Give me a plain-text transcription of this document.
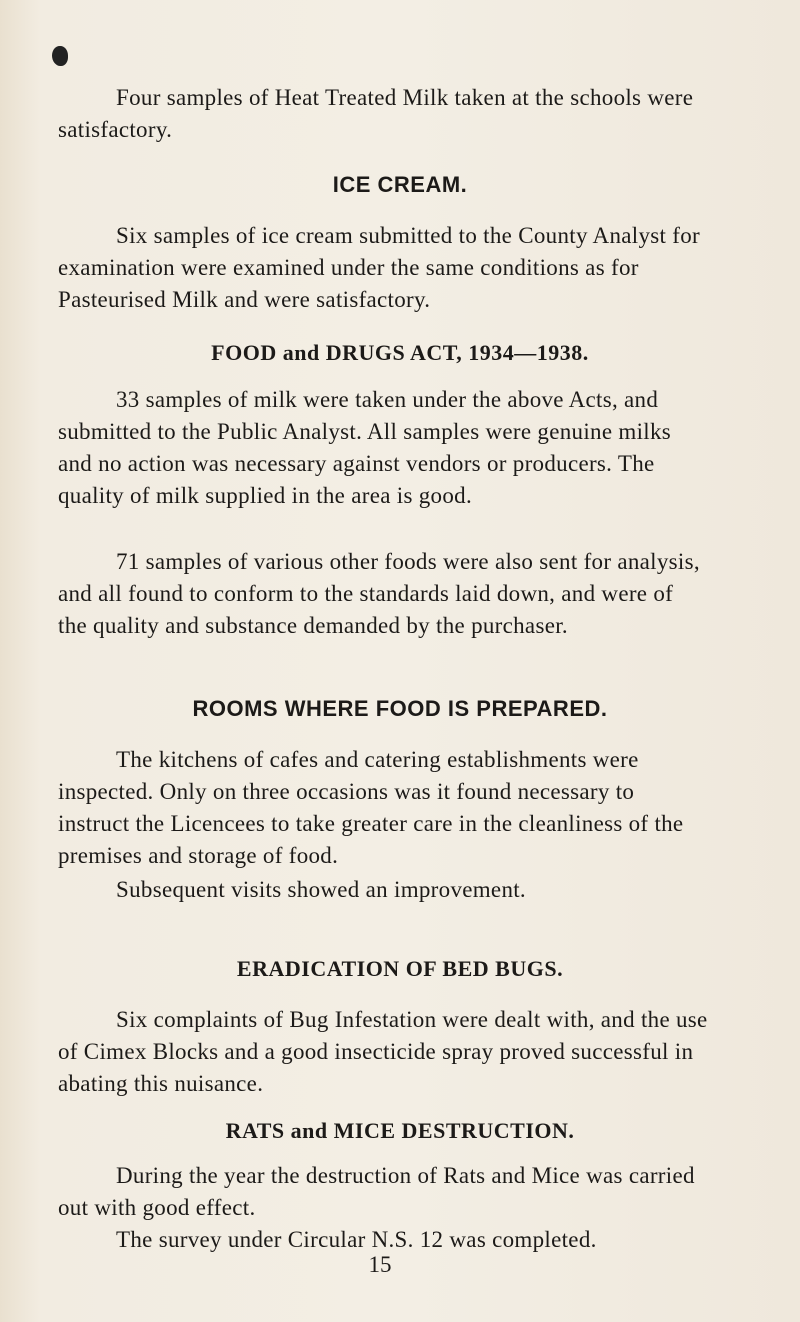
Four samples of Heat Treated Milk taken at the schools were satisfactory.

ICE CREAM.

Six samples of ice cream submitted to the County Analyst for examination were examined under the same conditions as for Pasteurised Milk and were satisfactory.

FOOD and DRUGS ACT, 1934—1938.

33 samples of milk were taken under the above Acts, and submitted to the Public Analyst. All samples were genuine milks and no action was necessary against vendors or producers. The quality of milk supplied in the area is good.

71 samples of various other foods were also sent for analysis, and all found to conform to the standards laid down, and were of the quality and substance demanded by the purchaser.

ROOMS WHERE FOOD IS PREPARED.

The kitchens of cafes and catering establishments were inspected. Only on three occasions was it found necessary to instruct the Licencees to take greater care in the cleanliness of the premises and storage of food.

Subsequent visits showed an improvement.

ERADICATION OF BED BUGS.

Six complaints of Bug Infestation were dealt with, and the use of Cimex Blocks and a good insecticide spray proved successful in abating this nuisance.

RATS and MICE DESTRUCTION.

During the year the destruction of Rats and Mice was carried out with good effect.

The survey under Circular N.S. 12 was completed.

15
